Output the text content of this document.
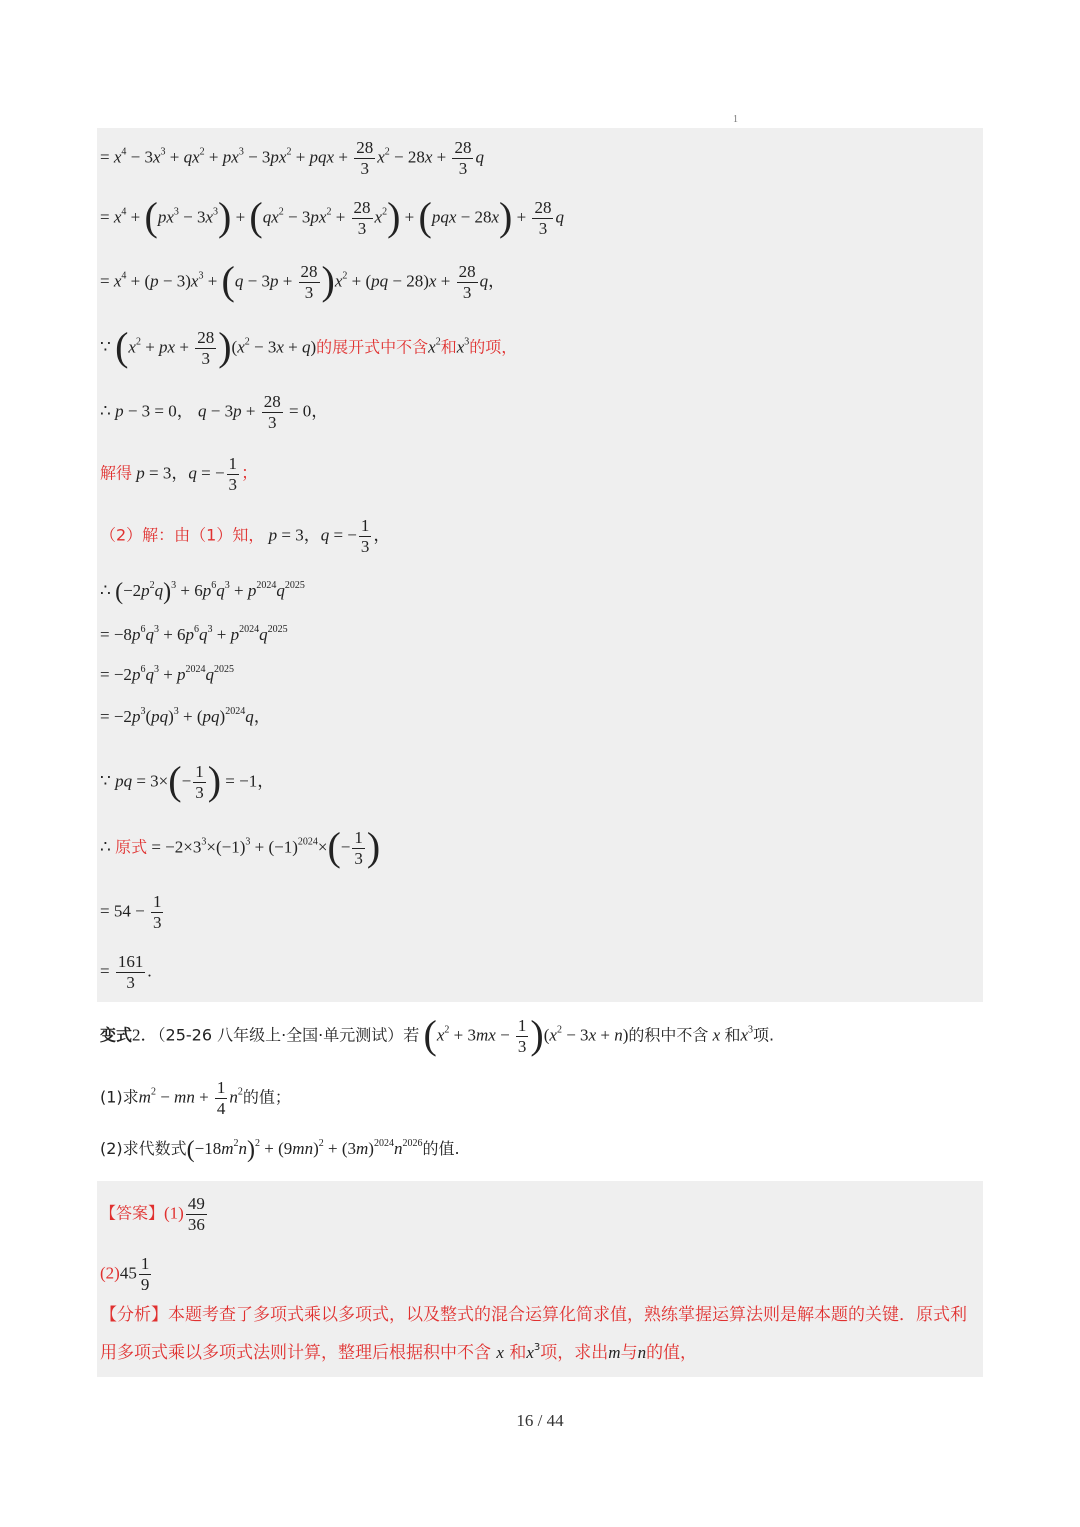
1
= $x^4 - 3x^3 + qx^2 + px^3 - 3px^2$ + pqx + $\frac{28}{3} x^2 - 28x + \frac{28}{3}$ q
= $x^4 + (px^3 - 3x^3) + (qx^2 - 3px^2 + \frac{28}{3} x^2) + (pqx - 28x) + \frac{28}{3}$ q
= $x^4 + (p - 3)x^3 + (q - 3p + \frac{28}{3} )x^2 + (pq - 28)x + \frac{28}{3}$ q，
∵ ($x^2$ + px + $\frac{28}{3} )(x^2 - 3x + q)$的展开式中不含$x^2$和$x^3$的项，
∴ p − 3 = 0， $q - 3p + \frac{28}{3} = 0$，
解得 p = 3，q = − $\frac{1}{3}$ ；
（2）解：由（1）知， p = 3，q = − $\frac{1}{3}$ ，
∴ $(-2p^2q)^3 + 6p^6q^3 + p^{2024}q^{2025}$
= $-8p^6q^3 + 6p^6q^3 + p^{2024}q^{2025}$
= $-2p^6q^3 + p^{2024}q^{2025}$
= $-2p^3(pq)^3 + (pq)^{2024}q$，
∵ pq = $3\times(- \frac{1}{3}$ ) = −1，
∴ 原式 = $-2\times 3^3\times(-1)^3 + (-1)^{2024}\times(- \frac{1}{3}$ )
= $54 - \frac{1}{3}$
= $\frac{161}{3}$ .
变式2．（25-26 八年级上·全国·单元测试）若 $(x^2 + 3mx - \frac{1}{3} )(x^2 - 3x + n)$的积中不含 x 和$x^3$项.
(1)求$m^2$ − mn + $\frac{1}{4} n^2$的值；
(2)求代数式$(-18m^2n)^2 + (9mn)^2 + (3m)^{2024}n^{2026}$的值.
【答案】$(1) \frac{49}{36}$
$(2)45 \frac{1}{9}$
【分析】本题考查了多项式乘以多项式，以及整式的混合运算化简求值，熟练掌握运算法则是解本题的关键．原式利用多项式乘以多项式法则计算，整理后根据积中不含 x 和$x^3$项，求出m与n的值，
16 / 44
